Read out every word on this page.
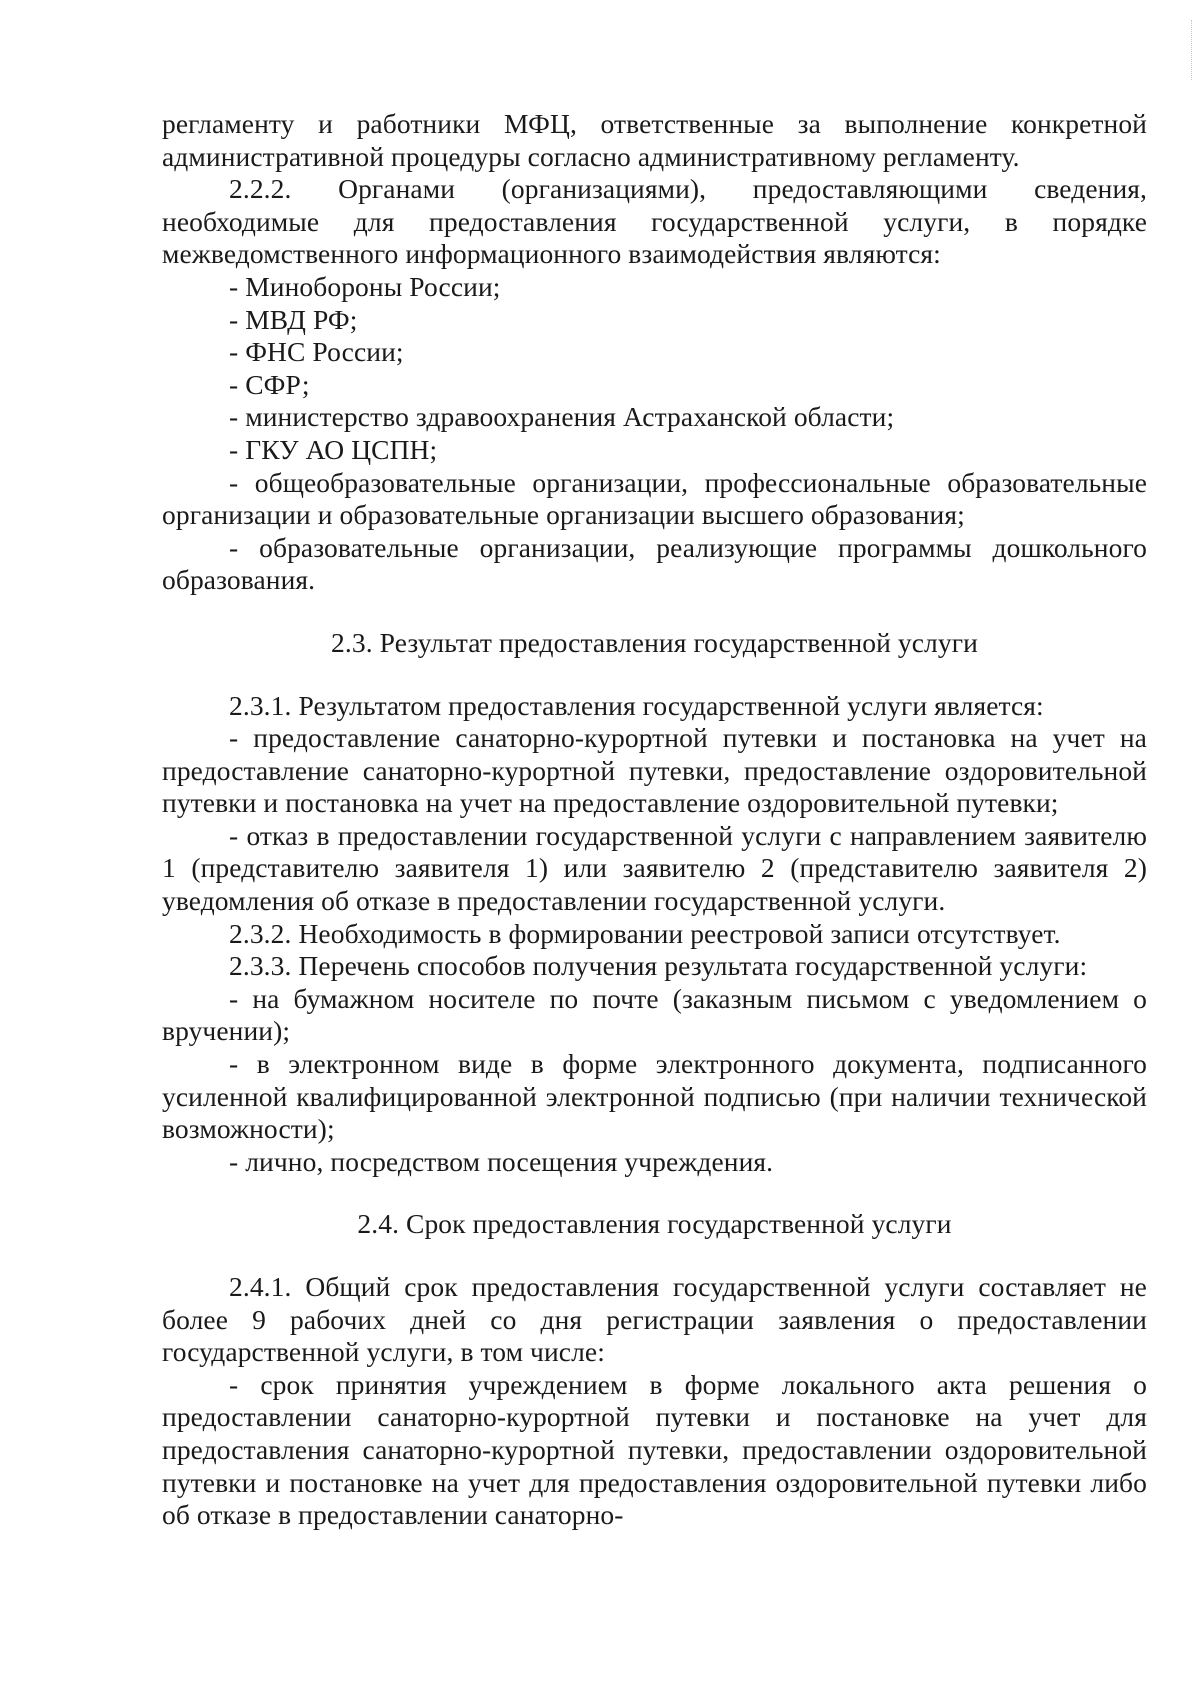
регламенту и работники МФЦ, ответственные за выполнение конкретной административной процедуры согласно административному регламенту.

2.2.2. Органами (организациями), предоставляющими сведения, необходимые для предоставления государственной услуги, в порядке межведомственного информационного взаимодействия являются:

- Минобороны России;

- МВД РФ;

- ФНС России;

- СФР;

- министерство здравоохранения Астраханской области;

- ГКУ АО ЦСПН;

- общеобразовательные организации, профессиональные образовательные организации и образовательные организации высшего образования;

- образовательные организации, реализующие программы дошкольного образования.

2.3. Результат предоставления государственной услуги

2.3.1. Результатом предоставления государственной услуги является:

- предоставление санаторно-курортной путевки и постановка на учет на предоставление санаторно-курортной путевки, предоставление оздоровительной путевки и постановка на учет на предоставление оздоровительной путевки;

- отказ в предоставлении государственной услуги с направлением заявителю 1 (представителю заявителя 1) или заявителю 2 (представителю заявителя 2) уведомления об отказе в предоставлении государственной услуги.

2.3.2. Необходимость в формировании реестровой записи отсутствует.

2.3.3. Перечень способов получения результата государственной услуги:

- на бумажном носителе по почте (заказным письмом с уведомлением о вручении);

- в электронном виде в форме электронного документа, подписанного усиленной квалифицированной электронной подписью (при наличии технической возможности);

- лично, посредством посещения учреждения.

2.4. Срок предоставления государственной услуги

2.4.1. Общий срок предоставления государственной услуги составляет не более 9 рабочих дней со дня регистрации заявления о предоставлении государственной услуги, в том числе:

- срок принятия учреждением в форме локального акта решения о предоставлении санаторно-курортной путевки и постановке на учет для предоставления санаторно-курортной путевки, предоставлении оздоровительной путевки и постановке на учет для предоставления оздоровительной путевки либо об отказе в предоставлении санаторно-
